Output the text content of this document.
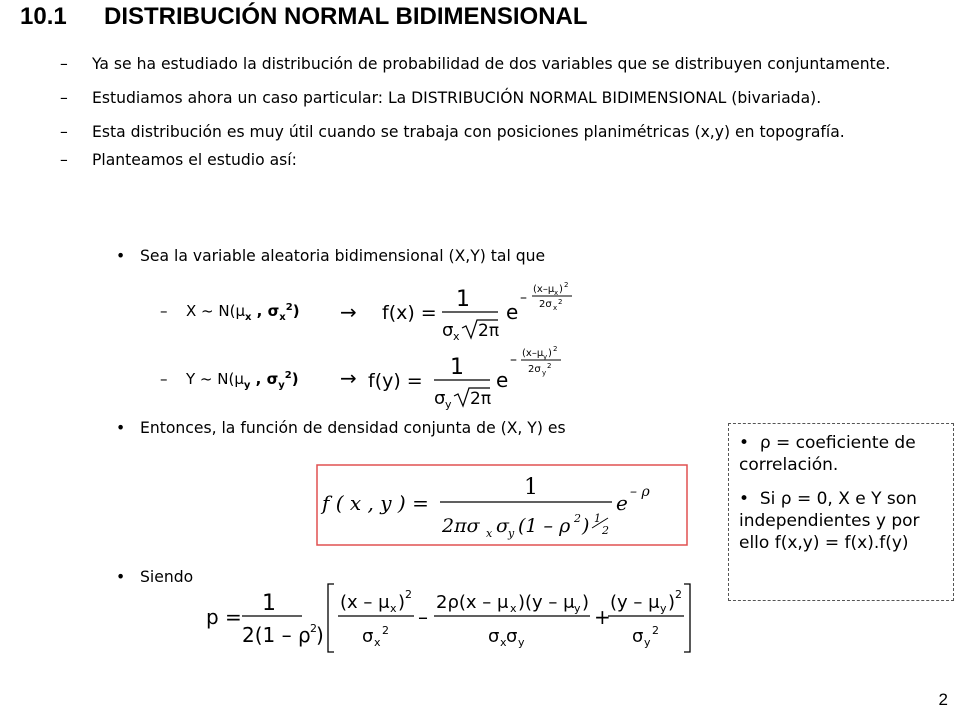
10.1 DISTRIBUCIÓN NORMAL BIDIMENSIONAL
– Ya se ha estudiado la distribución de probabilidad de dos variables que se distribuyen conjuntamente.
– Estudiamos ahora un caso particular: La DISTRIBUCIÓN NORMAL BIDIMENSIONAL (bivariada).
– Esta distribución es muy útil cuando se trabaja con posiciones planimétricas (x,y) en topografía.
– Planteamos el estudio así:
• Sea la variable aleatoria bidimensional (X,Y) tal que
– X ~ $N(\mu_x$ , $\sigma_x^2) \to f(x)$ =
1
σ x 2π
e
–
(x–μ x ) 2
2σ x
2
– Y ~ $N(\mu_y$ , $\sigma_y^2) \to f(y)$ =
1
σ y 2π
e
– (x–μ y ) 2
2σ y
2
• Entonces, la función de densidad conjunta de (X, Y) es
f ( x , y ) =
1
2πσ x σ y (1 – ρ 2 ) 1
2
e – ρ
• Siendo
p =
1
2(1 – ρ 2 )
(x – μ x ) 2
σ x
2
–
2ρ(x – μ x )(y – μ y )
σ x σ y
+
(y – μ y ) 2
σ y
2

• ρ = coeficiente de correlación.

• Si ρ = 0, X e Y son independientes y por ello f(x,y) = f(x).f(y)

2
